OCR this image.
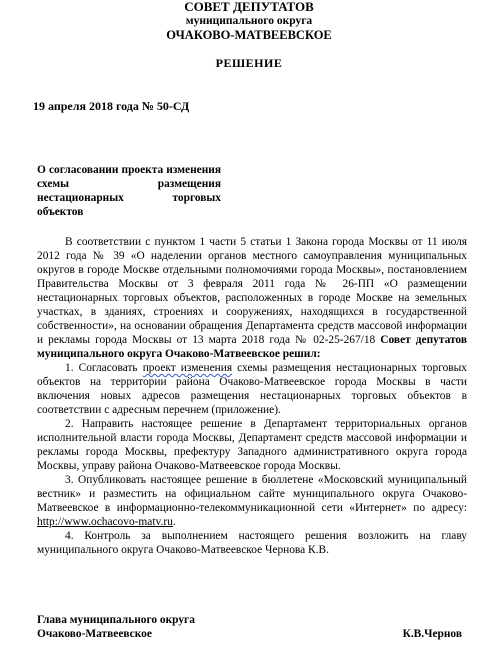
СОВЕТ ДЕПУТАТОВ
муниципального округа
ОЧАКОВО-МАТВЕЕВСКОЕ
РЕШЕНИЕ
19 апреля 2018 года № 50-СД
О согласовании проекта изменения схемы размещения нестационарных торговых объектов

В соответствии с пунктом 1 части 5 статьи 1 Закона города Москвы от 11 июля 2012 года № 39 «О наделении органов местного самоуправления муниципальных округов в городе Москве отдельными полномочиями города Москвы», постановлением Правительства Москвы от 3 февраля 2011 года № 26-ПП «О размещении нестационарных торговых объектов, расположенных в городе Москве на земельных участках, в зданиях, строениях и сооружениях, находящихся в государственной собственности», на основании обращения Департамента средств массовой информации и рекламы города Москвы от 13 марта 2018 года № 02-25-267/18 Совет депутатов муниципального округа Очаково-Матвеевское решил:

1. Согласовать проект изменения схемы размещения нестационарных торговых объектов на территории района Очаково-Матвеевское города Москвы в части включения новых адресов размещения нестационарных торговых объектов в соответствии с адресным перечнем (приложение).

2. Направить настоящее решение в Департамент территориальных органов исполнительной власти города Москвы, Департамент средств массовой информации и рекламы города Москвы, префектуру Западного административного округа города Москвы, управу района Очаково-Матвеевское города Москвы.

3. Опубликовать настоящее решение в бюллетене «Московский муниципальный вестник» и разместить на официальном сайте муниципального округа Очаково-Матвеевское в информационно-телекоммуникационной сети «Интернет» по адресу: http://www.ochacovo-matv.ru.

4. Контроль за выполнением настоящего решения возложить на главу муниципального округа Очаково-Матвеевское Чернова К.В.

Глава муниципального округа
Очаково-Матвеевское	К.В.Чернов
